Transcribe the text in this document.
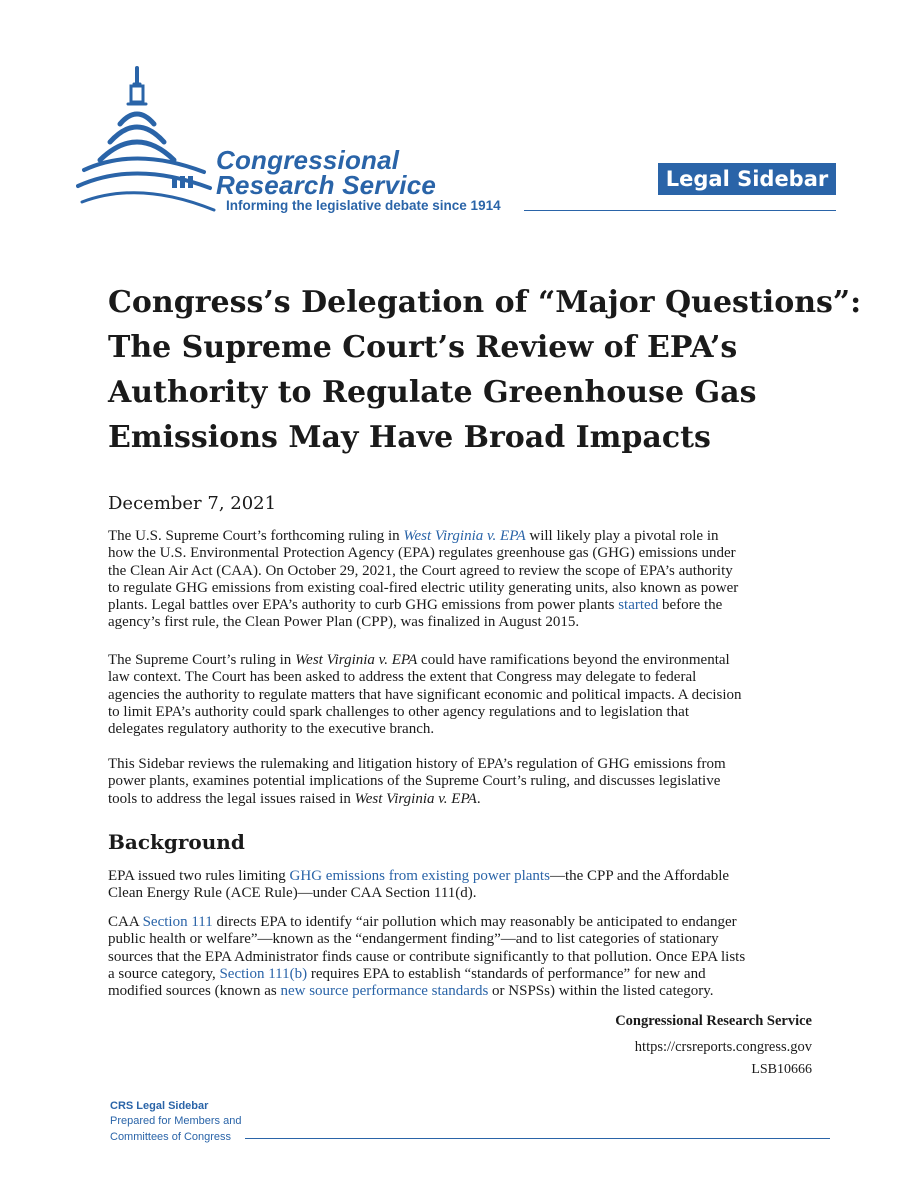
Congressional
Research Service
Informing the legislative debate since 1914
Legal Sidebar
Congress’s Delegation of “Major Questions”:
The Supreme Court’s Review of EPA’s
Authority to Regulate Greenhouse Gas
Emissions May Have Broad Impacts
December 7, 2021
The U.S. Supreme Court’s forthcoming ruling in West Virginia v. EPA will likely play a pivotal role in
how the U.S. Environmental Protection Agency (EPA) regulates greenhouse gas (GHG) emissions under
the Clean Air Act (CAA). On October 29, 2021, the Court agreed to review the scope of EPA’s authority
to regulate GHG emissions from existing coal-fired electric utility generating units, also known as power
plants. Legal battles over EPA’s authority to curb GHG emissions from power plants started before the
agency’s first rule, the Clean Power Plan (CPP), was finalized in August 2015.
The Supreme Court’s ruling in West Virginia v. EPA could have ramifications beyond the environmental
law context. The Court has been asked to address the extent that Congress may delegate to federal
agencies the authority to regulate matters that have significant economic and political impacts. A decision
to limit EPA’s authority could spark challenges to other agency regulations and to legislation that
delegates regulatory authority to the executive branch.
This Sidebar reviews the rulemaking and litigation history of EPA’s regulation of GHG emissions from
power plants, examines potential implications of the Supreme Court’s ruling, and discusses legislative
tools to address the legal issues raised in West Virginia v. EPA.
Background
EPA issued two rules limiting GHG emissions from existing power plants—the CPP and the Affordable
Clean Energy Rule (ACE Rule)—under CAA Section 111(d).
CAA Section 111 directs EPA to identify “air pollution which may reasonably be anticipated to endanger
public health or welfare”—known as the “endangerment finding”—and to list categories of stationary
sources that the EPA Administrator finds cause or contribute significantly to that pollution. Once EPA lists
a source category, Section 111(b) requires EPA to establish “standards of performance” for new and
modified sources (known as new source performance standards or NSPSs) within the listed category.
Congressional Research Service
https://crsreports.congress.gov
LSB10666
CRS Legal Sidebar
Prepared for Members and
Committees of Congress
